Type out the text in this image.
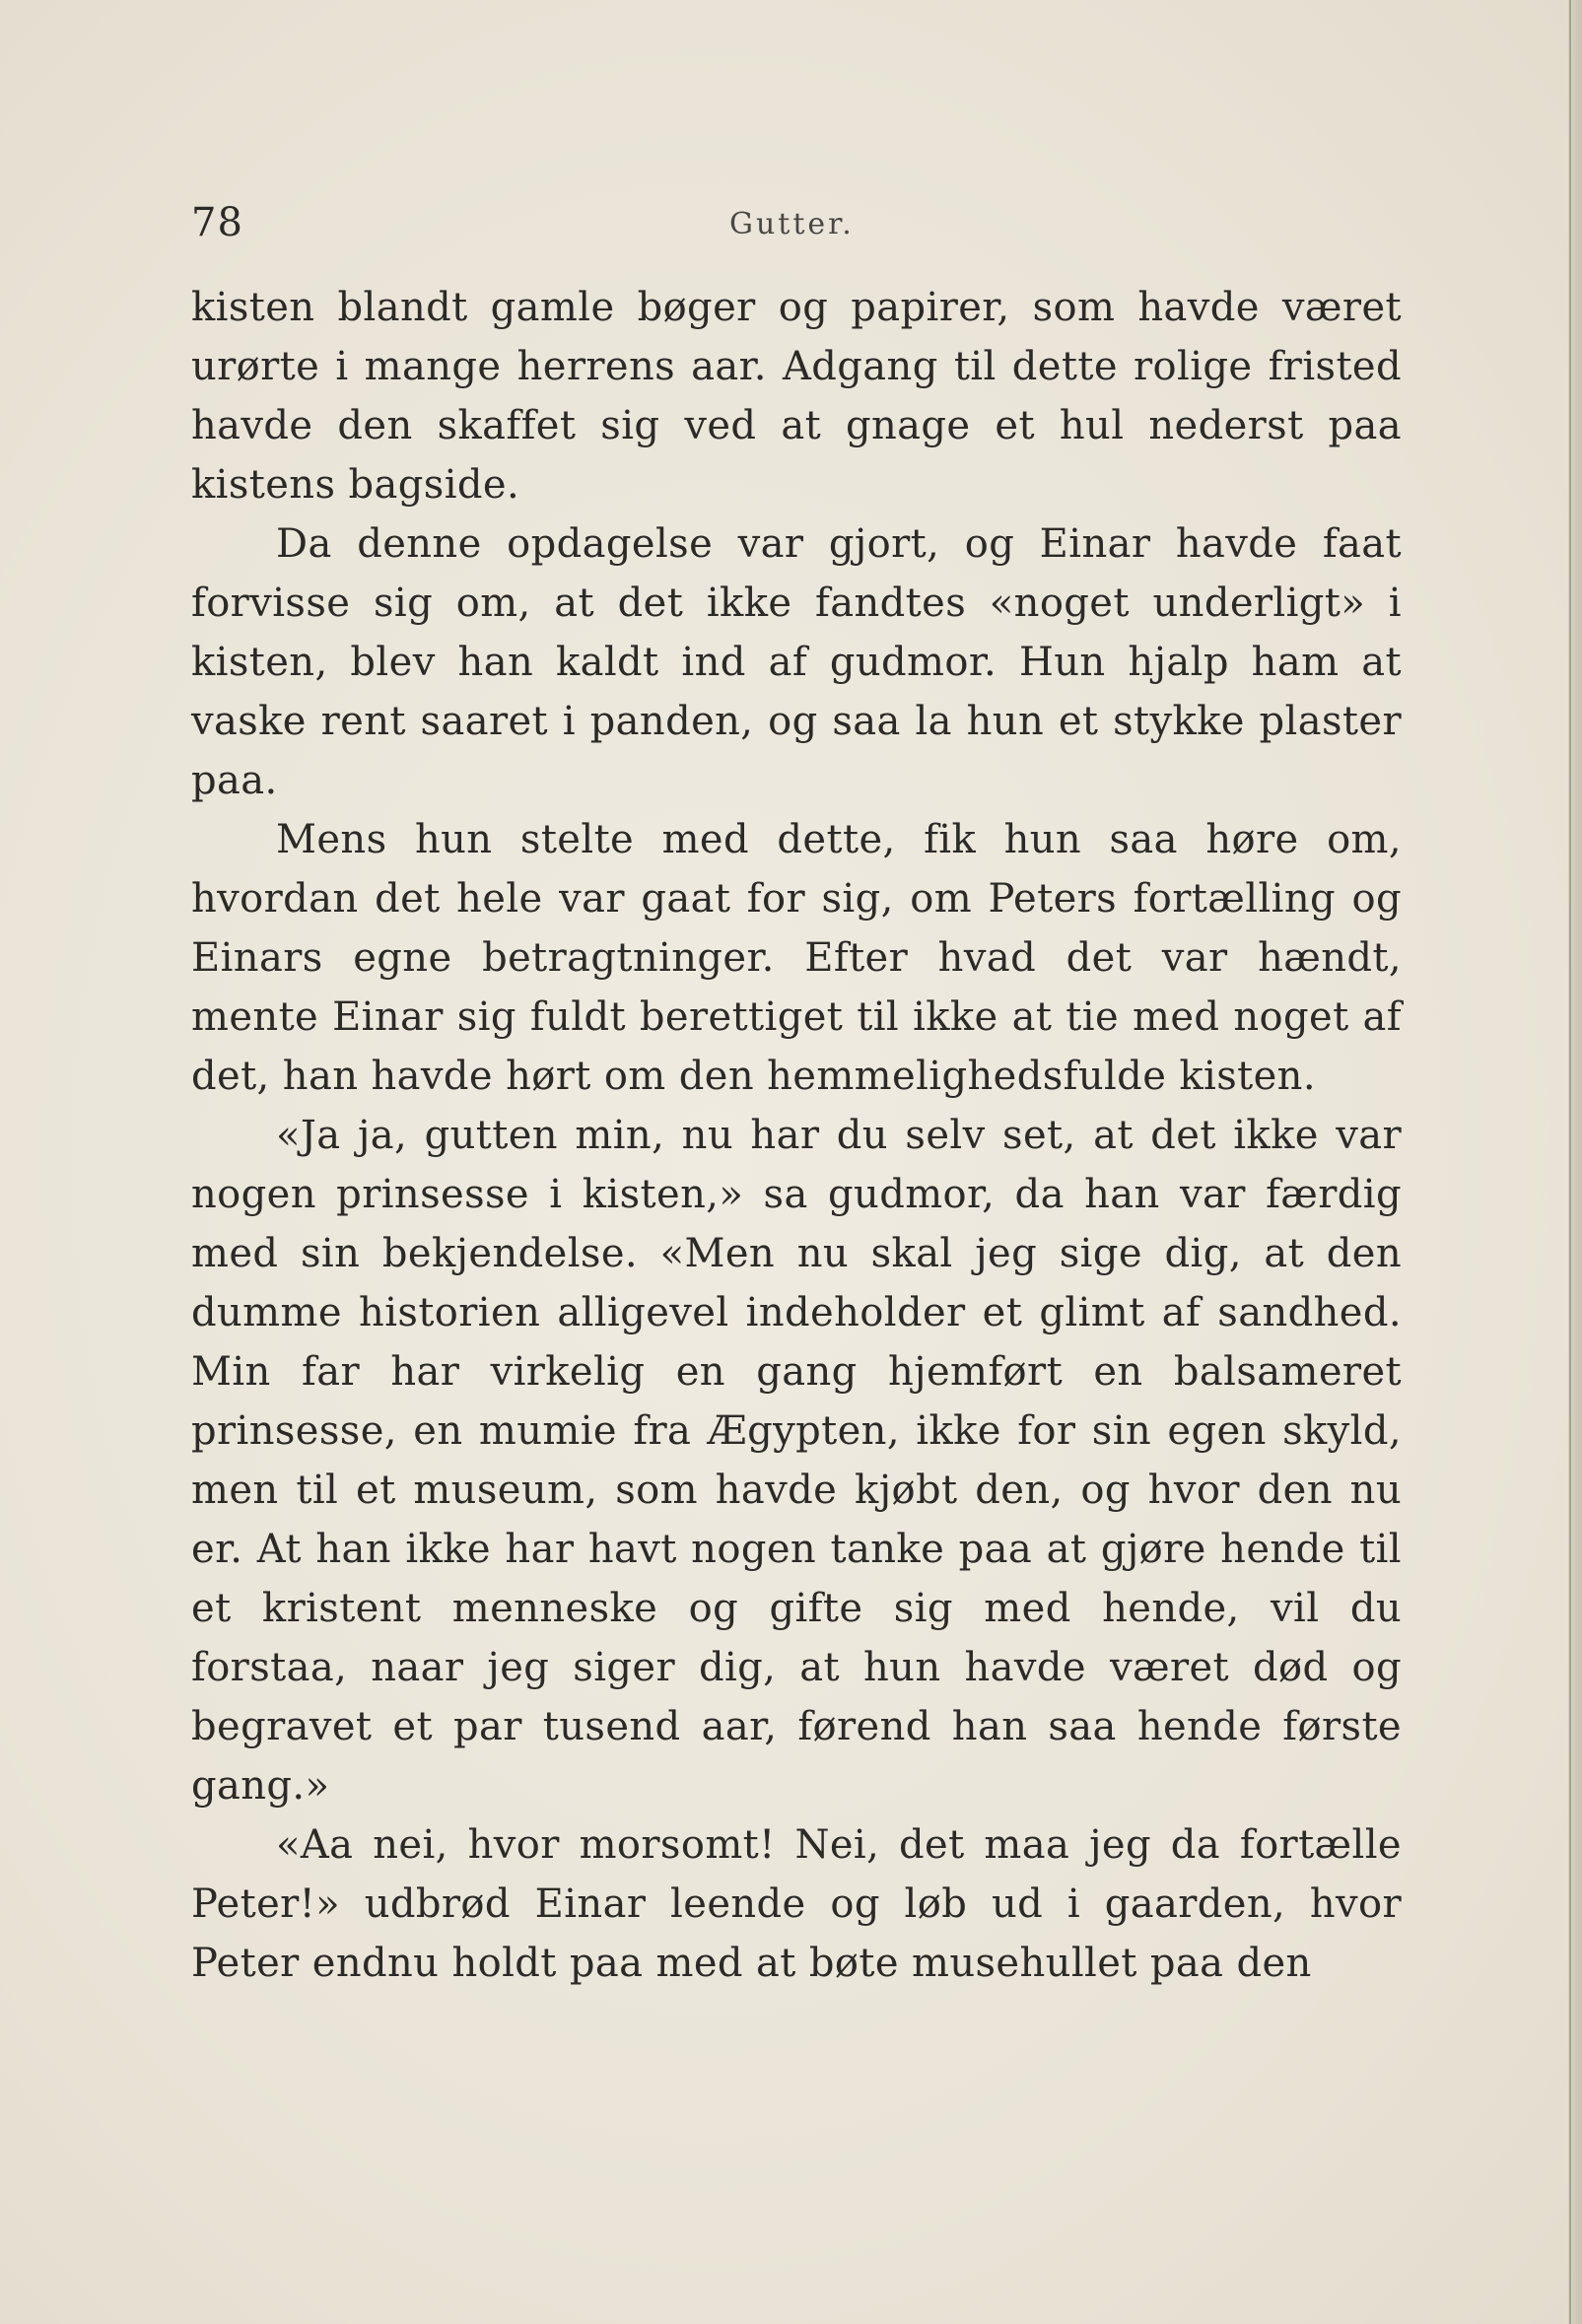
78	Gutter.

kisten blandt gamle bøger og papirer, som havde været urørte i mange herrens aar. Adgang til dette rolige fristed havde den skaffet sig ved at gnage et hul nederst paa kistens bagside.

Da denne opdagelse var gjort, og Einar havde faat forvisse sig om, at det ikke fandtes «noget underligt» i kisten, blev han kaldt ind af gudmor. Hun hjalp ham at vaske rent saaret i panden, og saa la hun et stykke plaster paa.

Mens hun stelte med dette, fik hun saa høre om, hvordan det hele var gaat for sig, om Peters fortælling og Einars egne betragtninger. Efter hvad det var hændt, mente Einar sig fuldt berettiget til ikke at tie med noget af det, han havde hørt om den hemmelighedsfulde kisten.

«Ja ja, gutten min, nu har du selv set, at det ikke var nogen prinsesse i kisten,» sa gudmor, da han var færdig med sin bekjendelse. «Men nu skal jeg sige dig, at den dumme historien alligevel indeholder et glimt af sandhed. Min far har virkelig en gang hjemført en balsameret prinsesse, en mumie fra Ægypten, ikke for sin egen skyld, men til et museum, som havde kjøbt den, og hvor den nu er. At han ikke har havt nogen tanke paa at gjøre hende til et kristent menneske og gifte sig med hende, vil du forstaa, naar jeg siger dig, at hun havde været død og begravet et par tusend aar, førend han saa hende første gang.»

«Aa nei, hvor morsomt! Nei, det maa jeg da fortælle Peter!» udbrød Einar leende og løb ud i gaarden, hvor Peter endnu holdt paa med at bøte musehullet paa den
